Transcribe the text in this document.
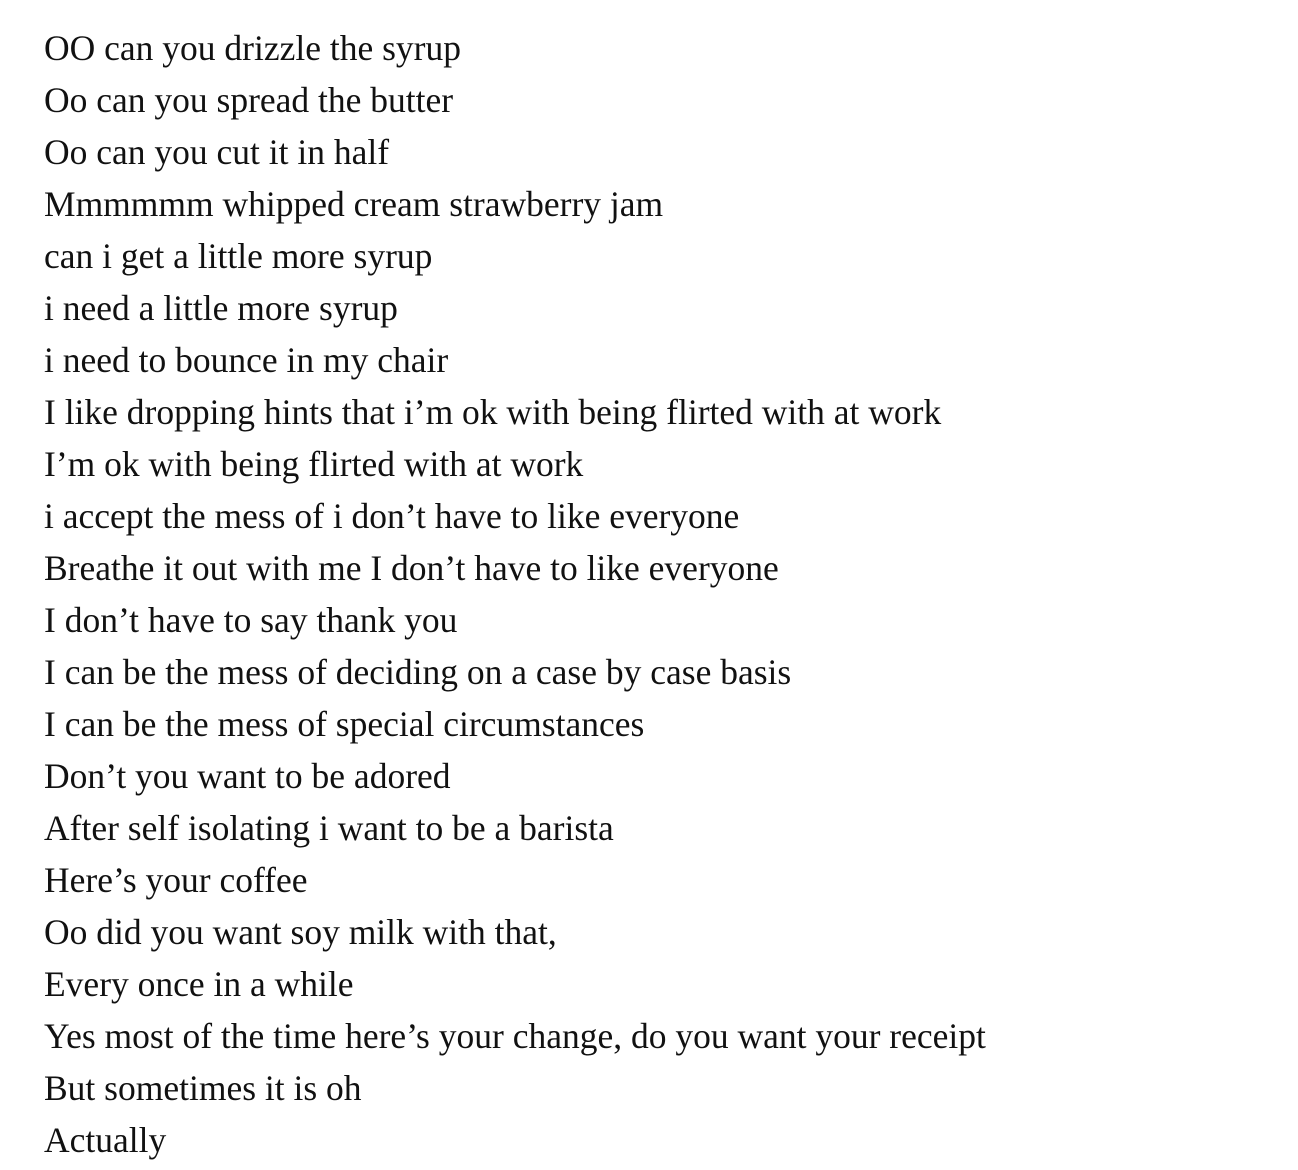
OO can you drizzle the syrup
Oo can you spread the butter
Oo can you cut it in half
Mmmmmm whipped cream strawberry jam
can i get a little more syrup
i need a little more syrup
i need to bounce in my chair
I like dropping hints that i’m ok with being flirted with at work
I’m ok with being flirted with at work
i accept the mess of i don’t have to like everyone
Breathe it out with me I don’t have to like everyone
I don’t have to say thank you
I can be the mess of deciding on a case by case basis
I can be the mess of special circumstances
Don’t you want to be adored
After self isolating i want to be a barista
Here’s your coffee
Oo did you want soy milk with that,
Every once in a while
Yes most of the time here’s your change, do you want your receipt
But sometimes it is oh
Actually
